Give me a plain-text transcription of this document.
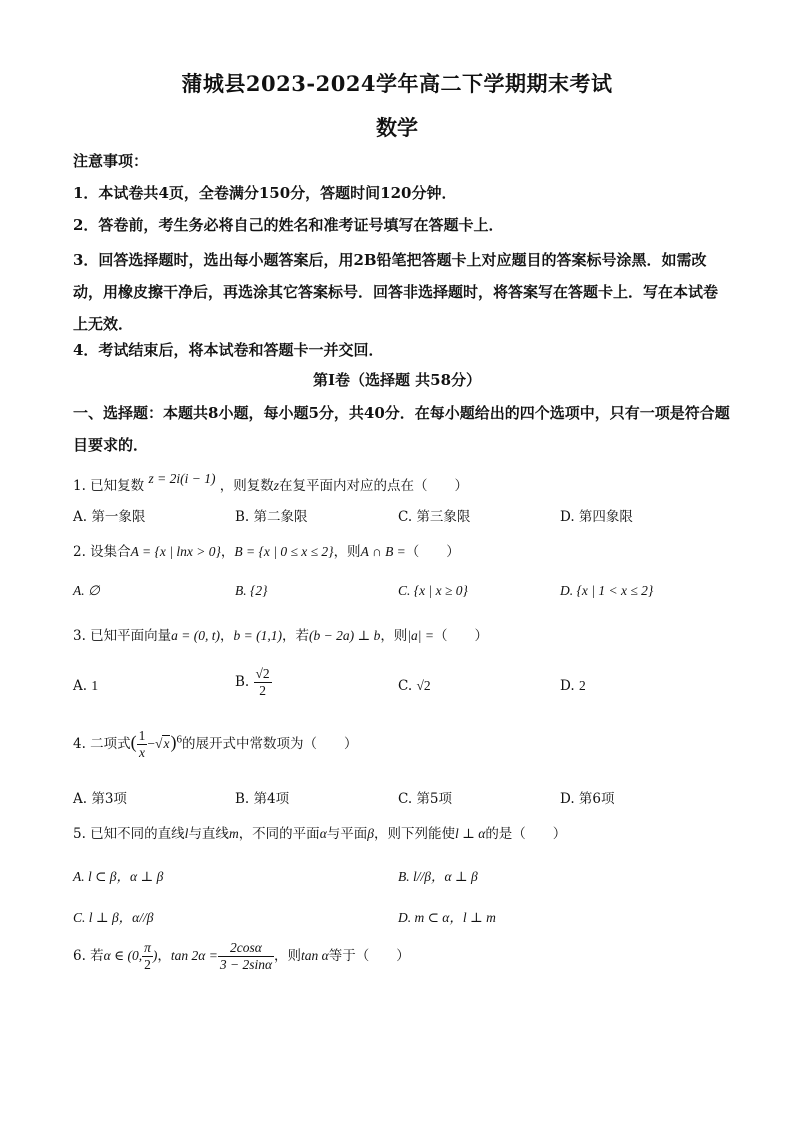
蒲城县2023-2024学年高二下学期期末考试
数学
注意事项：
1．本试卷共4页，全卷满分150分，答题时间120分钟．
2．答卷前，考生务必将自己的姓名和准考证号填写在答题卡上．
3．回答选择题时，选出每小题答案后，用2B铅笔把答题卡上对应题目的答案标号涂黑．如需改动，用橡皮擦干净后，再选涂其它答案标号．回答非选择题时，将答案写在答题卡上．写在本试卷上无效．
4．考试结束后，将本试卷和答题卡一并交回．
第Ⅰ卷（选择题 共58分）
一、选择题：本题共8小题，每小题5分，共40分．在每小题给出的四个选项中，只有一项是符合题目要求的．
1. 已知复数 z = 2i(i − 1) ，则复数z在复平面内对应的点在（　　）
A. 第一象限	B. 第二象限	C. 第三象限	D. 第四象限
2. 设集合A = {x | lnx > 0}，B = {x | 0 ≤ x ≤ 2}，则A ∩ B =（　　）
A. ∅	B. {2}	C. {x | x ≥ 0}	D. {x | 1 < x ≤ 2}
3. 已知平面向量a = (0, t)，b = (1,1)，若(b − 2a) ⊥ b，则|a| =（　　）
A. 1	B. $\frac{√2}{2}$	C. √2	D. 2
4. 二项式( $\frac{1}{x} -√x)^6$的展开式中常数项为（　　）
A. 第3项	B. 第4项	C. 第5项	D. 第6项
5. 已知不同的直线l与直线m，不同的平面α与平面β，则下列能使l ⊥ α的是（　　）
A. l ⊂ β，α ⊥ β	B. l//β，α ⊥ β
C. l ⊥ β，α//β	D. m ⊂ α，l ⊥ m
6. 若α ∈ (0, $\frac{\pi}{2}$ )，$\tan 2\alpha = \frac{2\cos\alpha}{3 - 2\sin\alpha}$ ，则tan α等于（　　）
